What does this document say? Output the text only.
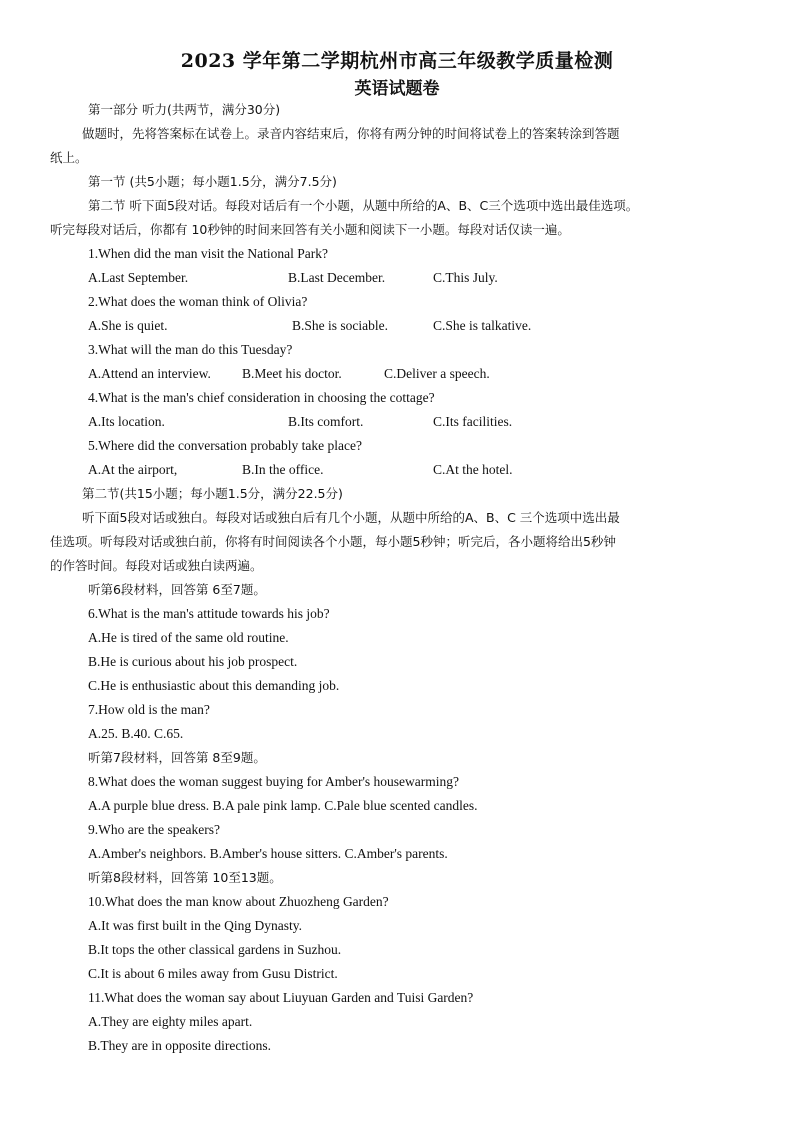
2023 学年第二学期杭州市高三年级教学质量检测
英语试题卷
第一部分 听力(共两节，满分30分)
做题时，先将答案标在试卷上。录音内容结束后，你将有两分钟的时间将试卷上的答案转涂到答题
纸上。
第一节 (共5小题；每小题1.5分，满分7.5分)
第二节 听下面5段对话。每段对话后有一个小题，从题中所给的A、B、C三个选项中选出最佳选项。
听完每段对话后，你都有 10秒钟的时间来回答有关小题和阅读下一小题。每段对话仅读一遍。
1.When did the man visit the National Park?
A.Last September.	B.Last December.	C.This July.
2.What does the woman think of Olivia?
A.She is quiet.	B.She is sociable.	C.She is talkative.
3.What will the man do this Tuesday?
A.Attend an interview. B.Meet his doctor.	C.Deliver a speech.
4.What is the man's chief consideration in choosing the cottage?
A.Its location.	B.Its comfort.	C.Its facilities.
5.Where did the conversation probably take place?
A.At the airport,	B.In the office.	C.At the hotel.
第二节(共15小题；每小题1.5分，满分22.5分)
听下面5段对话或独白。每段对话或独白后有几个小题，从题中所给的A、B、C 三个选项中选出最
佳选项。听每段对话或独白前，你将有时间阅读各个小题，每小题5秒钟；听完后，各小题将给出5秒钟
的作答时间。每段对话或独白读两遍。
听第6段材料，回答第 6至7题。
6.What is the man's attitude towards his job?
A.He is tired of the same old routine.
B.He is curious about his job prospect.
C.He is enthusiastic about this demanding job.
7.How old is the man?
A.25. B.40. C.65.
听第7段材料，回答第 8至9题。
8.What does the woman suggest buying for Amber's housewarming?
A.A purple blue dress. B.A pale pink lamp. C.Pale blue scented candles.
9.Who are the speakers?
A.Amber's neighbors. B.Amber's house sitters. C.Amber's parents.
听第8段材料，回答第 10至13题。
10.What does the man know about Zhuozheng Garden?
A.It was first built in the Qing Dynasty.
B.It tops the other classical gardens in Suzhou.
C.It is about 6 miles away from Gusu District.
11.What does the woman say about Liuyuan Garden and Tuisi Garden?
A.They are eighty miles apart.
B.They are in opposite directions.
